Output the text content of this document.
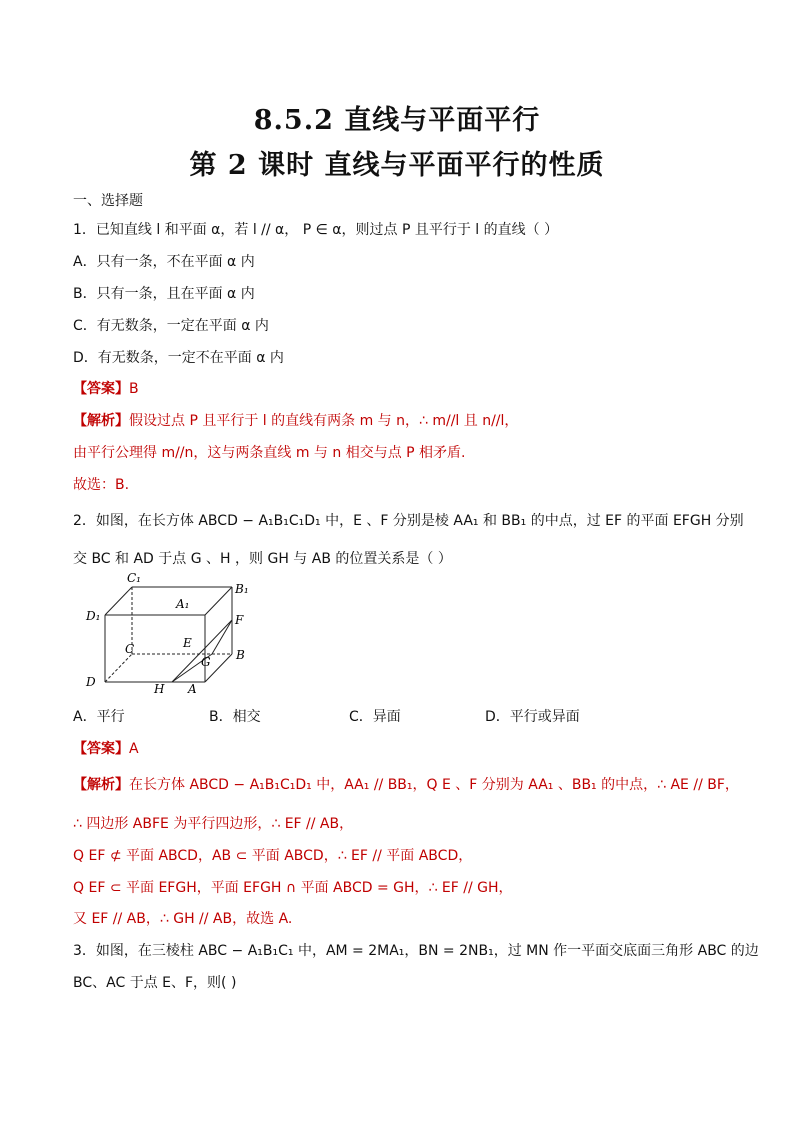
8.5.2 直线与平面平行
第 2 课时 直线与平面平行的性质
一、选择题
1．已知直线 l 和平面 α，若 l // α， P ∈ α，则过点 P 且平行于 l 的直线（ ）
A．只有一条，不在平面 α 内
B．只有一条，且在平面 α 内
C．有无数条，一定在平面 α 内
D．有无数条，一定不在平面 α 内
【答案】B
【解析】假设过点 P 且平行于 l 的直线有两条 m 与 n，∴ m//l 且 n//l，
由平行公理得 m//n，这与两条直线 m 与 n 相交与点 P 相矛盾.
故选：B.
2．如图，在长方体 ABCD − A₁B₁C₁D₁ 中，E 、F 分别是棱 AA₁ 和 BB₁ 的中点，过 EF 的平面 EFGH 分别
交 BC 和 AD 于点 G 、H ，则 GH 与 AB 的位置关系是（ ）
C₁
B₁
D₁
A₁
F
E
C	B
G
D	H A
A．平行	B．相交	C．异面	D．平行或异面
【答案】A
【解析】在长方体 ABCD − A₁B₁C₁D₁ 中，AA₁ // BB₁，Q E 、F 分别为 AA₁ 、BB₁ 的中点，∴ AE // BF，
∴ 四边形 ABFE 为平行四边形，∴ EF // AB，
Q EF ⊄ 平面 ABCD，AB ⊂ 平面 ABCD，∴ EF // 平面 ABCD，
Q EF ⊂ 平面 EFGH，平面 EFGH ∩ 平面 ABCD = GH，∴ EF // GH，
又 EF // AB，∴ GH // AB，故选 A.
3．如图，在三棱柱 ABC − A₁B₁C₁ 中，AM = 2MA₁，BN = 2NB₁，过 MN 作一平面交底面三角形 ABC 的边
BC、AC 于点 E、F，则( )
